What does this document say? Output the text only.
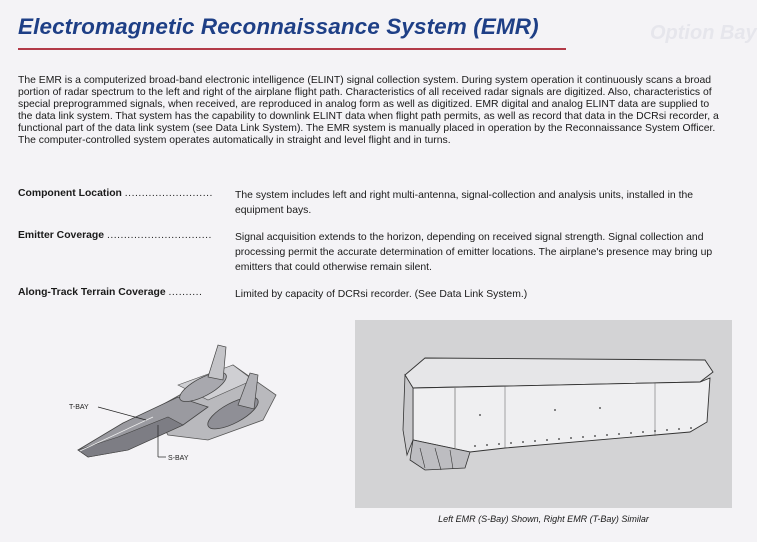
Option Bay
Electromagnetic Reconnaissance System (EMR)

The EMR is a computerized broad-band electronic intelligence (ELINT) signal collection system. During system operation it continuously scans a broad portion of radar spectrum to the left and right of the airplane flight path. Characteristics of all received radar signals are digitized. Also, characteristics of special preprogrammed signals, when received, are reproduced in analog form as well as digitized. EMR digital and analog ELINT data are supplied to the data link system. That system has the capability to downlink ELINT data when flight path permits, as well as record that data in the DCRsi recorder, a functional part of the data link system (see Data Link System). The EMR system is manually placed in operation by the Reconnaissance System Officer. The computer-controlled system operates automatically in straight and level flight and in turns.

Component Location ..........................	The system includes left and right multi-antenna, signal-collection and analysis units, installed in the equipment bays.
Emitter Coverage ...............................	Signal acquisition extends to the horizon, depending on received signal strength. Signal collection and processing permit the accurate determination of emitter locations. The airplane's presence may bring up emitters that could otherwise remain silent.
Along-Track Terrain Coverage ..........	Limited by capacity of DCRsi recorder. (See Data Link System.)
T-BAY
S-BAY
Left EMR (S-Bay) Shown, Right EMR (T-Bay) Similar
